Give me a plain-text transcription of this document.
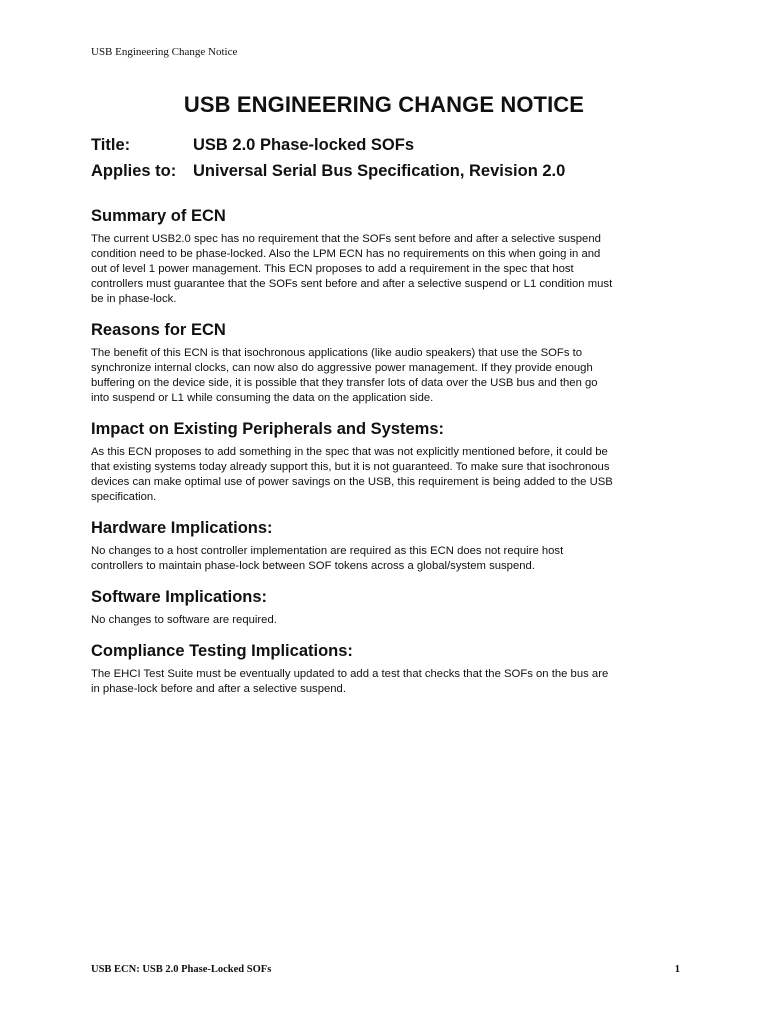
USB Engineering Change Notice
USB ENGINEERING CHANGE NOTICE
Title:	USB 2.0 Phase-locked SOFs
Applies to: Universal Serial Bus Specification, Revision 2.0
Summary of ECN

The current USB2.0 spec has no requirement that the SOFs sent before and after a selective suspend
condition need to be phase-locked. Also the LPM ECN has no requirements on this when going in and
out of level 1 power management. This ECN proposes to add a requirement in the spec that host
controllers must guarantee that the SOFs sent before and after a selective suspend or L1 condition must
be in phase-lock.

Reasons for ECN

The benefit of this ECN is that isochronous applications (like audio speakers) that use the SOFs to
synchronize internal clocks, can now also do aggressive power management. If they provide enough
buffering on the device side, it is possible that they transfer lots of data over the USB bus and then go
into suspend or L1 while consuming the data on the application side.

Impact on Existing Peripherals and Systems:

As this ECN proposes to add something in the spec that was not explicitly mentioned before, it could be
that existing systems today already support this, but it is not guaranteed. To make sure that isochronous
devices can make optimal use of power savings on the USB, this requirement is being added to the USB
specification.

Hardware Implications:

No changes to a host controller implementation are required as this ECN does not require host
controllers to maintain phase-lock between SOF tokens across a global/system suspend.

Software Implications:

No changes to software are required.

Compliance Testing Implications:

The EHCI Test Suite must be eventually updated to add a test that checks that the SOFs on the bus are
in phase-lock before and after a selective suspend.

USB ECN: USB 2.0 Phase-Locked SOFs	1
